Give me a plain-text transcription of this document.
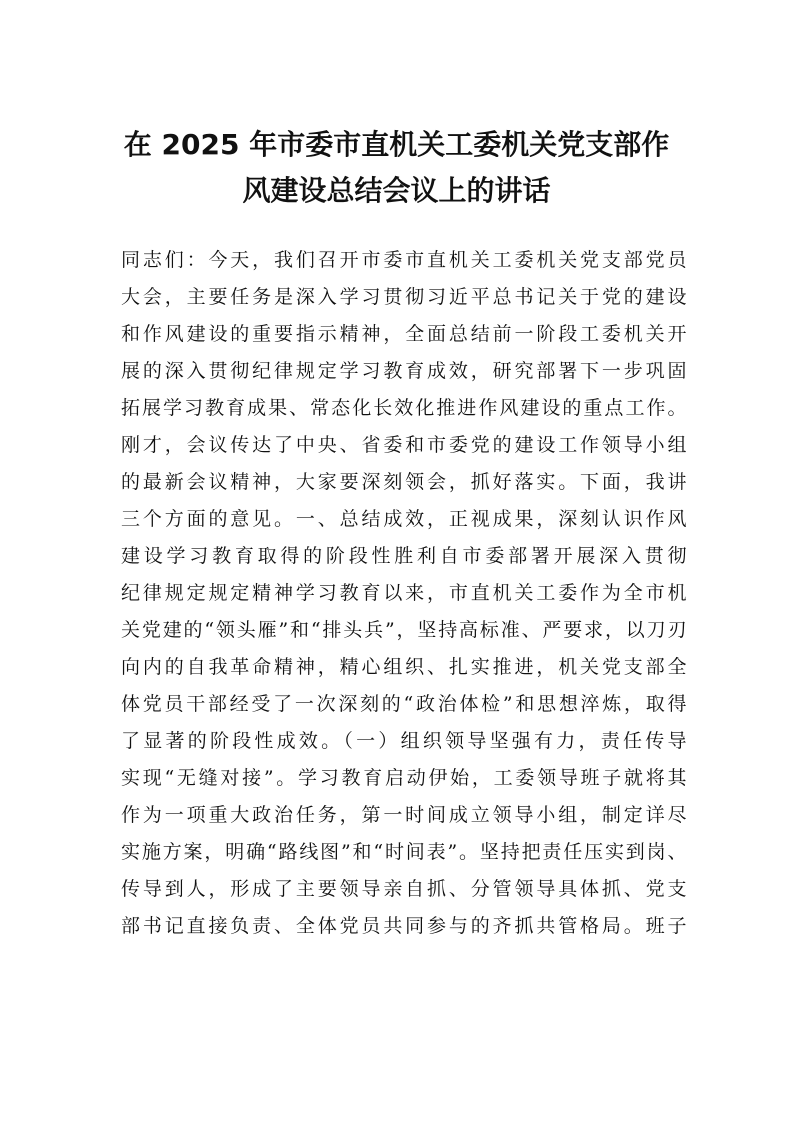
在 2025 年市委市直机关工委机关党支部作
风建设总结会议上的讲话
同志们：今天，我们召开市委市直机关工委机关党支部党员
大会，主要任务是深入学习贯彻习近平总书记关于党的建设
和作风建设的重要指示精神，全面总结前一阶段工委机关开
展的深入贯彻纪律规定学习教育成效，研究部署下一步巩固
拓展学习教育成果、常态化长效化推进作风建设的重点工作。
刚才，会议传达了中央、省委和市委党的建设工作领导小组
的最新会议精神，大家要深刻领会，抓好落实。下面，我讲
三个方面的意见。一、总结成效，正视成果，深刻认识作风
建设学习教育取得的阶段性胜利自市委部署开展深入贯彻
纪律规定规定精神学习教育以来，市直机关工委作为全市机
关党建的“领头雁”和“排头兵”，坚持高标准、严要求，以刀刃
向内的自我革命精神，精心组织、扎实推进，机关党支部全
体党员干部经受了一次深刻的“政治体检”和思想淬炼，取得
了显著的阶段性成效。（一）组织领导坚强有力，责任传导
实现“无缝对接”。学习教育启动伊始，工委领导班子就将其
作为一项重大政治任务，第一时间成立领导小组，制定详尽
实施方案，明确“路线图”和“时间表”。坚持把责任压实到岗、
传导到人，形成了主要领导亲自抓、分管领导具体抓、党支
部书记直接负责、全体党员共同参与的齐抓共管格局。班子
